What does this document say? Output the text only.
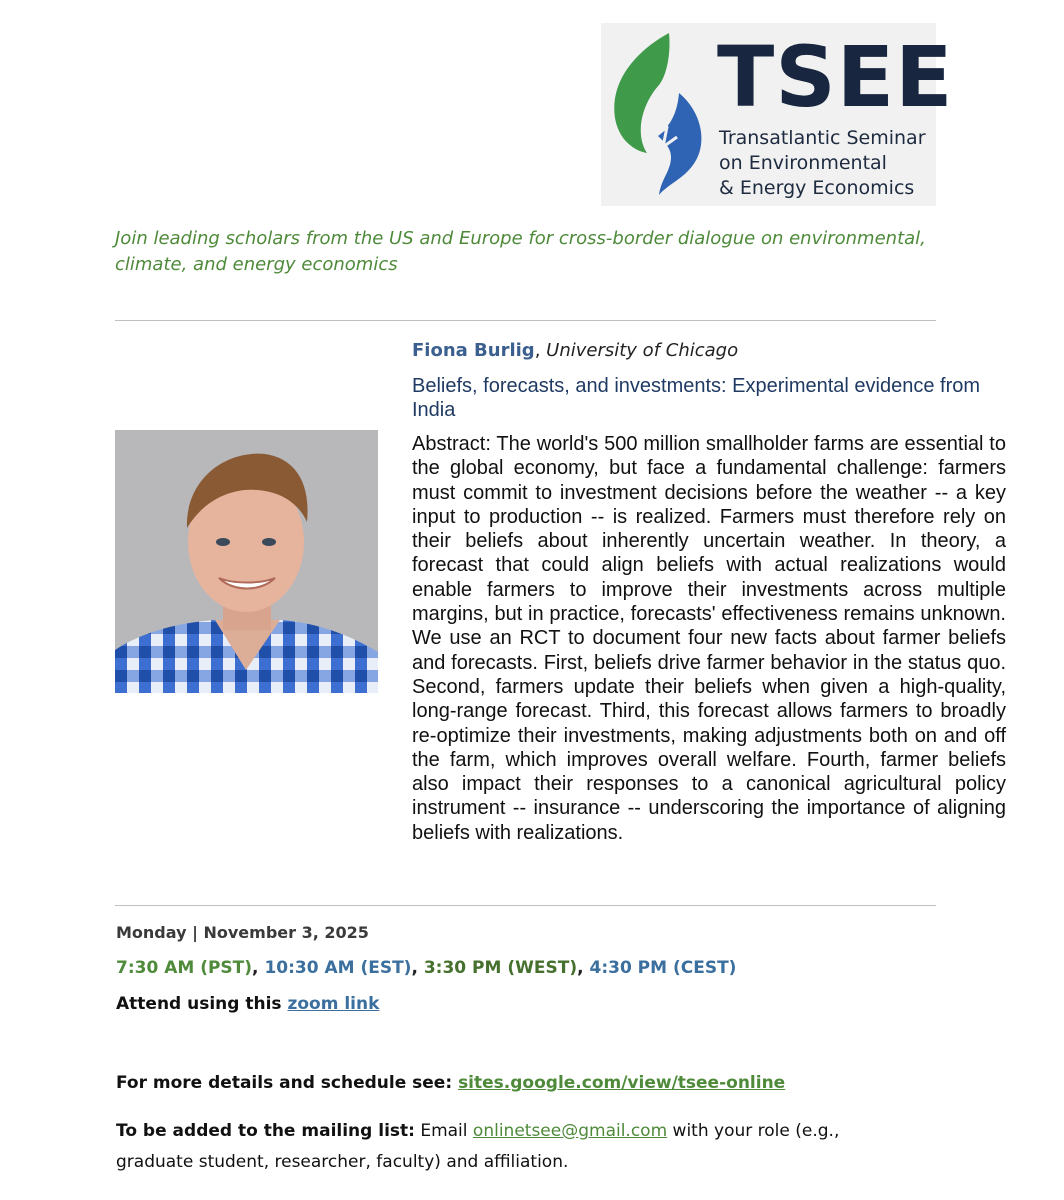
TSEE
Transatlantic Seminar
on Environmental
& Energy Economics
Join leading scholars from the US and Europe for cross-border dialogue on environmental, climate, and energy economics
Fiona Burlig, University of Chicago
Beliefs, forecasts, and investments: Experimental evidence from India

Abstract: The world's 500 million smallholder farms are essential to the global economy, but face a fundamental challenge: farmers must commit to investment decisions before the weather -- a key input to production -- is realized. Farmers must therefore rely on their beliefs about inherently uncertain weather. In theory, a forecast that could align beliefs with actual realizations would enable farmers to improve their investments across multiple margins, but in practice, forecasts' effectiveness remains unknown. We use an RCT to document four new facts about farmer beliefs and forecasts. First, beliefs drive farmer behavior in the status quo. Second, farmers update their beliefs when given a high-quality, long-range forecast. Third, this forecast allows farmers to broadly re-optimize their investments, making adjustments both on and off the farm, which improves overall welfare. Fourth, farmer beliefs also impact their responses to a canonical agricultural policy instrument -- insurance -- underscoring the importance of aligning beliefs with realizations.

Monday | November 3, 2025
7:30 AM (PST), 10:30 AM (EST), 3:30 PM (WEST), 4:30 PM (CEST)
Attend using this zoom link
For more details and schedule see: sites.google.com/view/tsee-online
To be added to the mailing list: Email onlinetsee@gmail.com with your role (e.g., graduate student, researcher, faculty) and affiliation.
